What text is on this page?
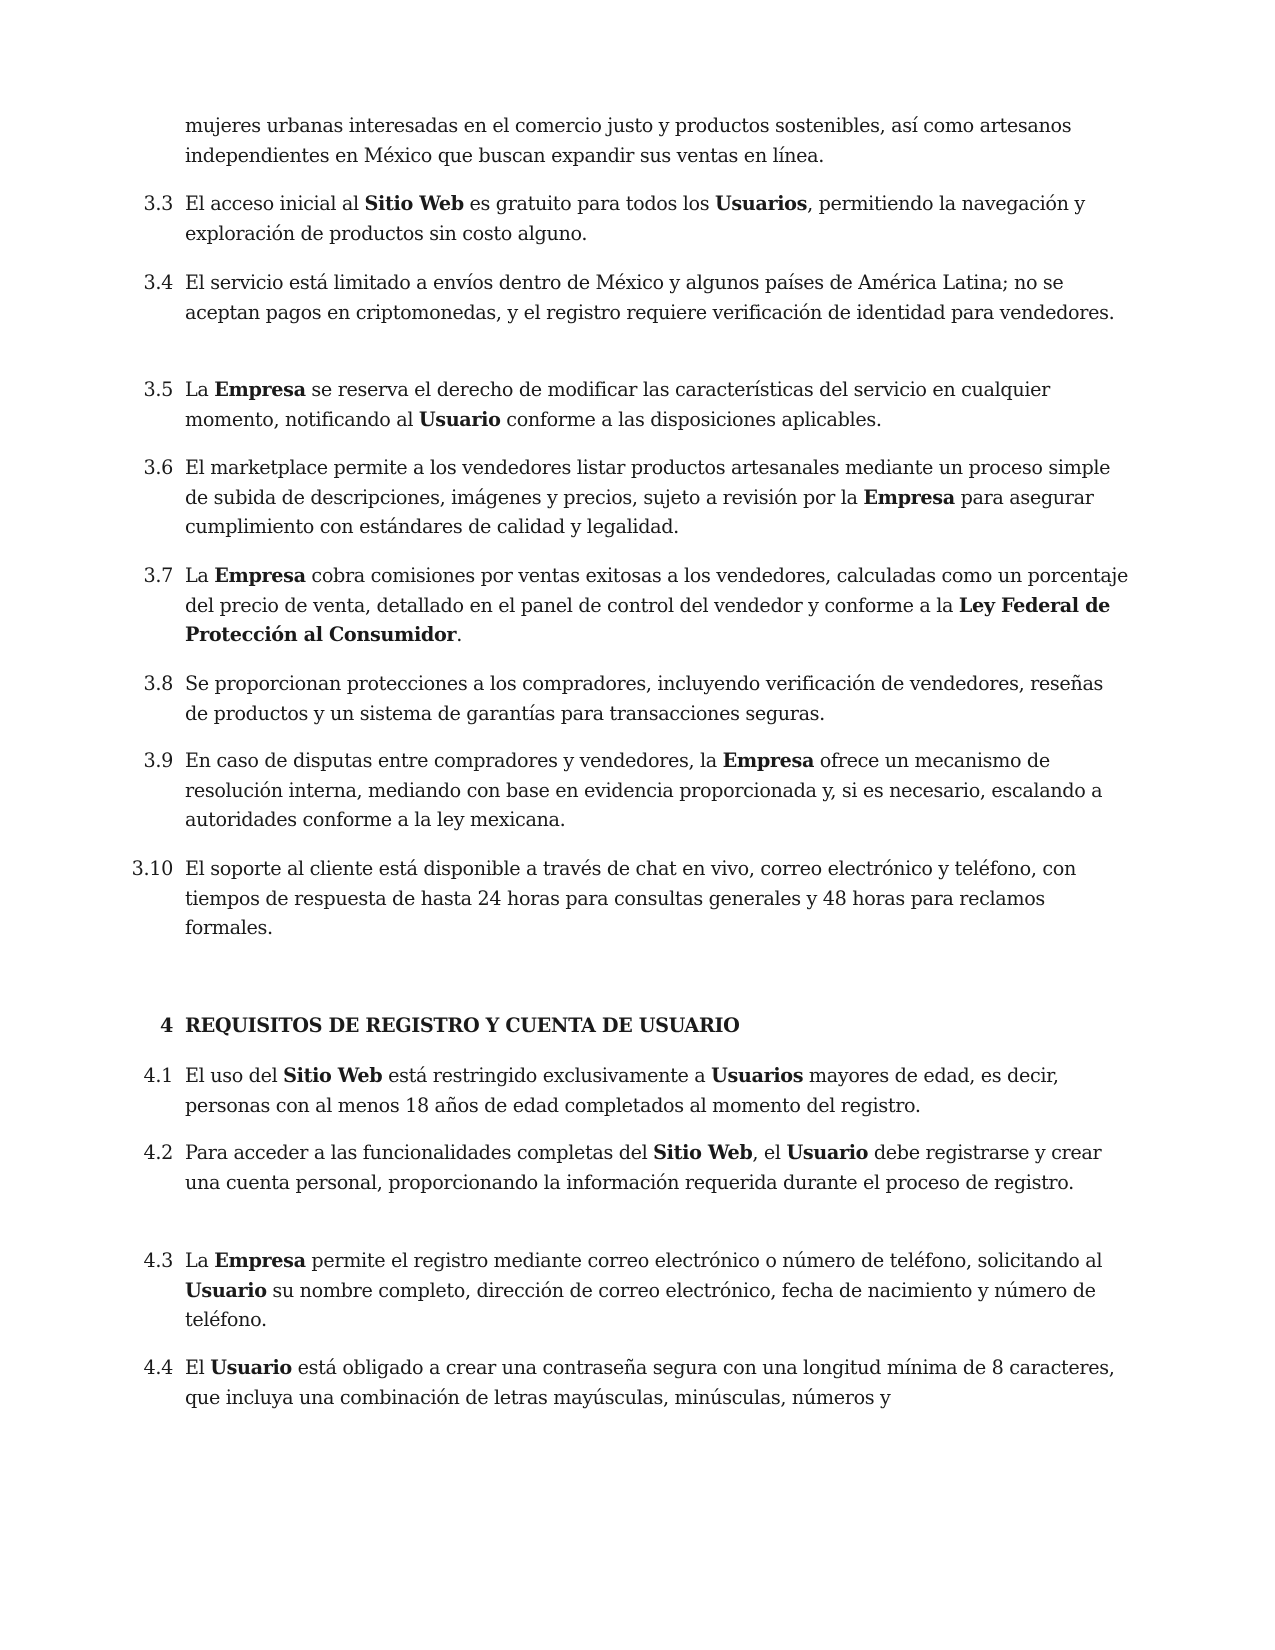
mujeres urbanas interesadas en el comercio justo y productos sostenibles, así como artesanos independientes en México que buscan expandir sus ventas en línea.
3.3 El acceso inicial al Sitio Web es gratuito para todos los Usuarios, permitiendo la navegación y exploración de productos sin costo alguno.
3.4 El servicio está limitado a envíos dentro de México y algunos países de América Latina; no se aceptan pagos en criptomonedas, y el registro requiere verificación de identidad para vendedores.
3.5 La Empresa se reserva el derecho de modificar las características del servicio en cualquier momento, notificando al Usuario conforme a las disposiciones aplicables.
3.6 El marketplace permite a los vendedores listar productos artesanales mediante un proceso simple de subida de descripciones, imágenes y precios, sujeto a revisión por la Empresa para asegurar cumplimiento con estándares de calidad y legalidad.
3.7 La Empresa cobra comisiones por ventas exitosas a los vendedores, calculadas como un porcentaje del precio de venta, detallado en el panel de control del vendedor y conforme a la Ley Federal de Protección al Consumidor.
3.8 Se proporcionan protecciones a los compradores, incluyendo verificación de vendedores, reseñas de productos y un sistema de garantías para transacciones seguras.
3.9 En caso de disputas entre compradores y vendedores, la Empresa ofrece un mecanismo de resolución interna, mediando con base en evidencia proporcionada y, si es necesario, escalando a autoridades conforme a la ley mexicana.
3.10 El soporte al cliente está disponible a través de chat en vivo, correo electrónico y teléfono, con tiempos de respuesta de hasta 24 horas para consultas generales y 48 horas para reclamos formales.
4 REQUISITOS DE REGISTRO Y CUENTA DE USUARIO
4.1 El uso del Sitio Web está restringido exclusivamente a Usuarios mayores de edad, es decir, personas con al menos 18 años de edad completados al momento del registro.
4.2 Para acceder a las funcionalidades completas del Sitio Web, el Usuario debe registrarse y crear una cuenta personal, proporcionando la información requerida durante el proceso de registro.
4.3 La Empresa permite el registro mediante correo electrónico o número de teléfono, solicitando al Usuario su nombre completo, dirección de correo electrónico, fecha de nacimiento y número de teléfono.
4.4 El Usuario está obligado a crear una contraseña segura con una longitud mínima de 8 caracteres, que incluya una combinación de letras mayúsculas, minúsculas, números y
